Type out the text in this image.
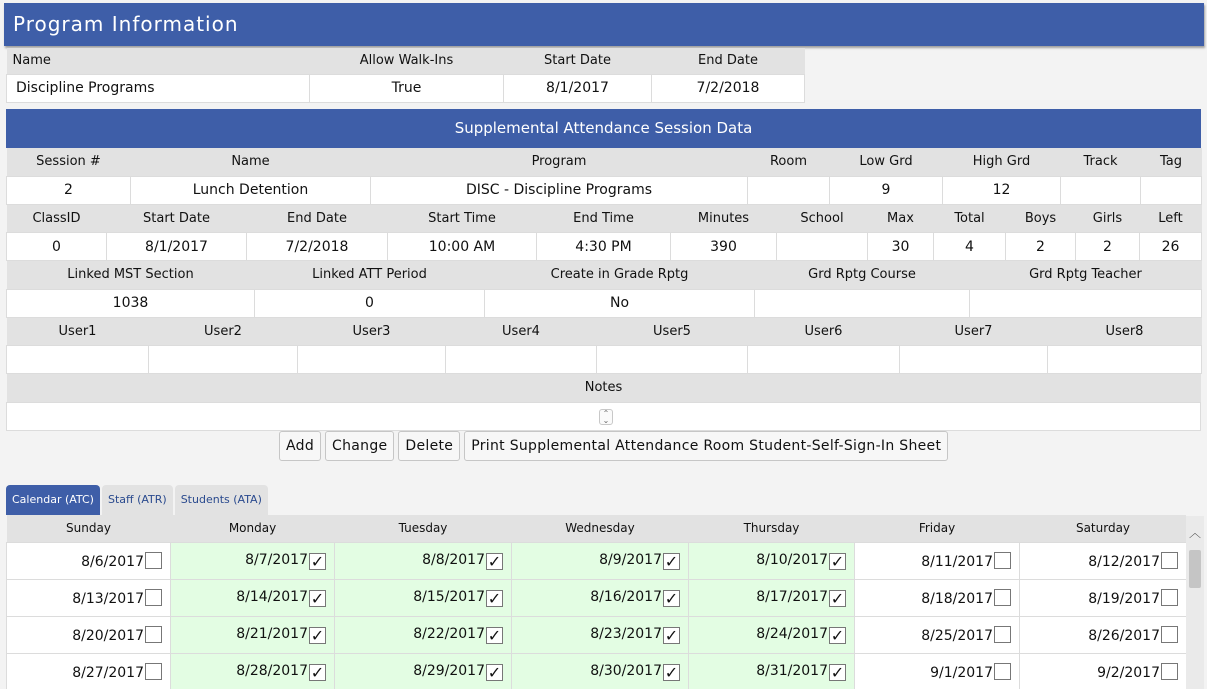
Program Information
Name	Allow Walk-Ins	Start Date	End Date
Discipline Programs	True	8/1/2017	7/2/2018
Supplemental Attendance Session Data
Session #	Name	Program	Room	Low Grd	High Grd	Track	Tag
2	Lunch Detention	DISC - Discipline Programs		9	12		
ClassID	Start Date	End Date	Start Time	End Time	Minutes	School	Max	Total	Boys	Girls	Left
0	8/1/2017	7/2/2018	10:00 AM	4:30 PM	390		30	4	2	2	26
Linked MST Section	Linked ATT Period	Create in Grade Rptg	Grd Rptg Course	Grd Rptg Teacher
1038	0	No		
User1	User2	User3	User4	User5	User6	User7	User8

Notes

⌃
⌄
Add	Change	Delete	Print Supplemental Attendance Room Student-Self-Sign-In Sheet
Calendar (ATC)	Staff (ATR)	Students (ATA)
Sunday	Monday	Tuesday	Wednesday	Thursday	Friday	Saturday
8/6/2017	8/7/2017 ✓	8/8/2017 ✓	8/9/2017 ✓	8/10/2017 ✓	8/11/2017	8/12/2017
8/13/2017	8/14/2017 ✓	8/15/2017 ✓	8/16/2017 ✓	8/17/2017 ✓	8/18/2017	8/19/2017
8/20/2017	8/21/2017 ✓	8/22/2017 ✓	8/23/2017 ✓	8/24/2017 ✓	8/25/2017	8/26/2017
8/27/2017	8/28/2017 ✓	8/29/2017 ✓	8/30/2017 ✓	8/31/2017 ✓	9/1/2017	9/2/2017
︿
